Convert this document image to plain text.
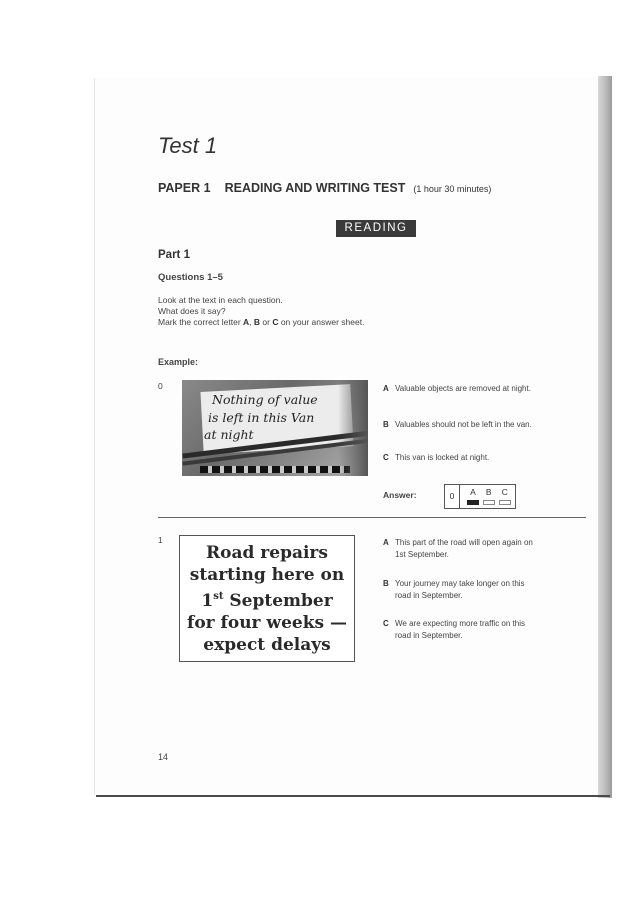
Test 1
PAPER 1 READING AND WRITING TEST (1 hour 30 minutes)
READING
Part 1
Questions 1–5
Look at the text in each question.
What does it say?
Mark the correct letter A, B or C on your answer sheet.
Example:
0
Nothing of value
is left in this Van
at night
A Valuable objects are removed at night.
B Valuables should not be left in the van.
C This van is locked at night.
Answer:	0	A B C
1
Road repairs
starting here on
1st September
for four weeks —
expect delays
A This part of the road will open again on
1st September.
B Your journey may take longer on this
road in September.
C We are expecting more traffic on this
road in September.
14
